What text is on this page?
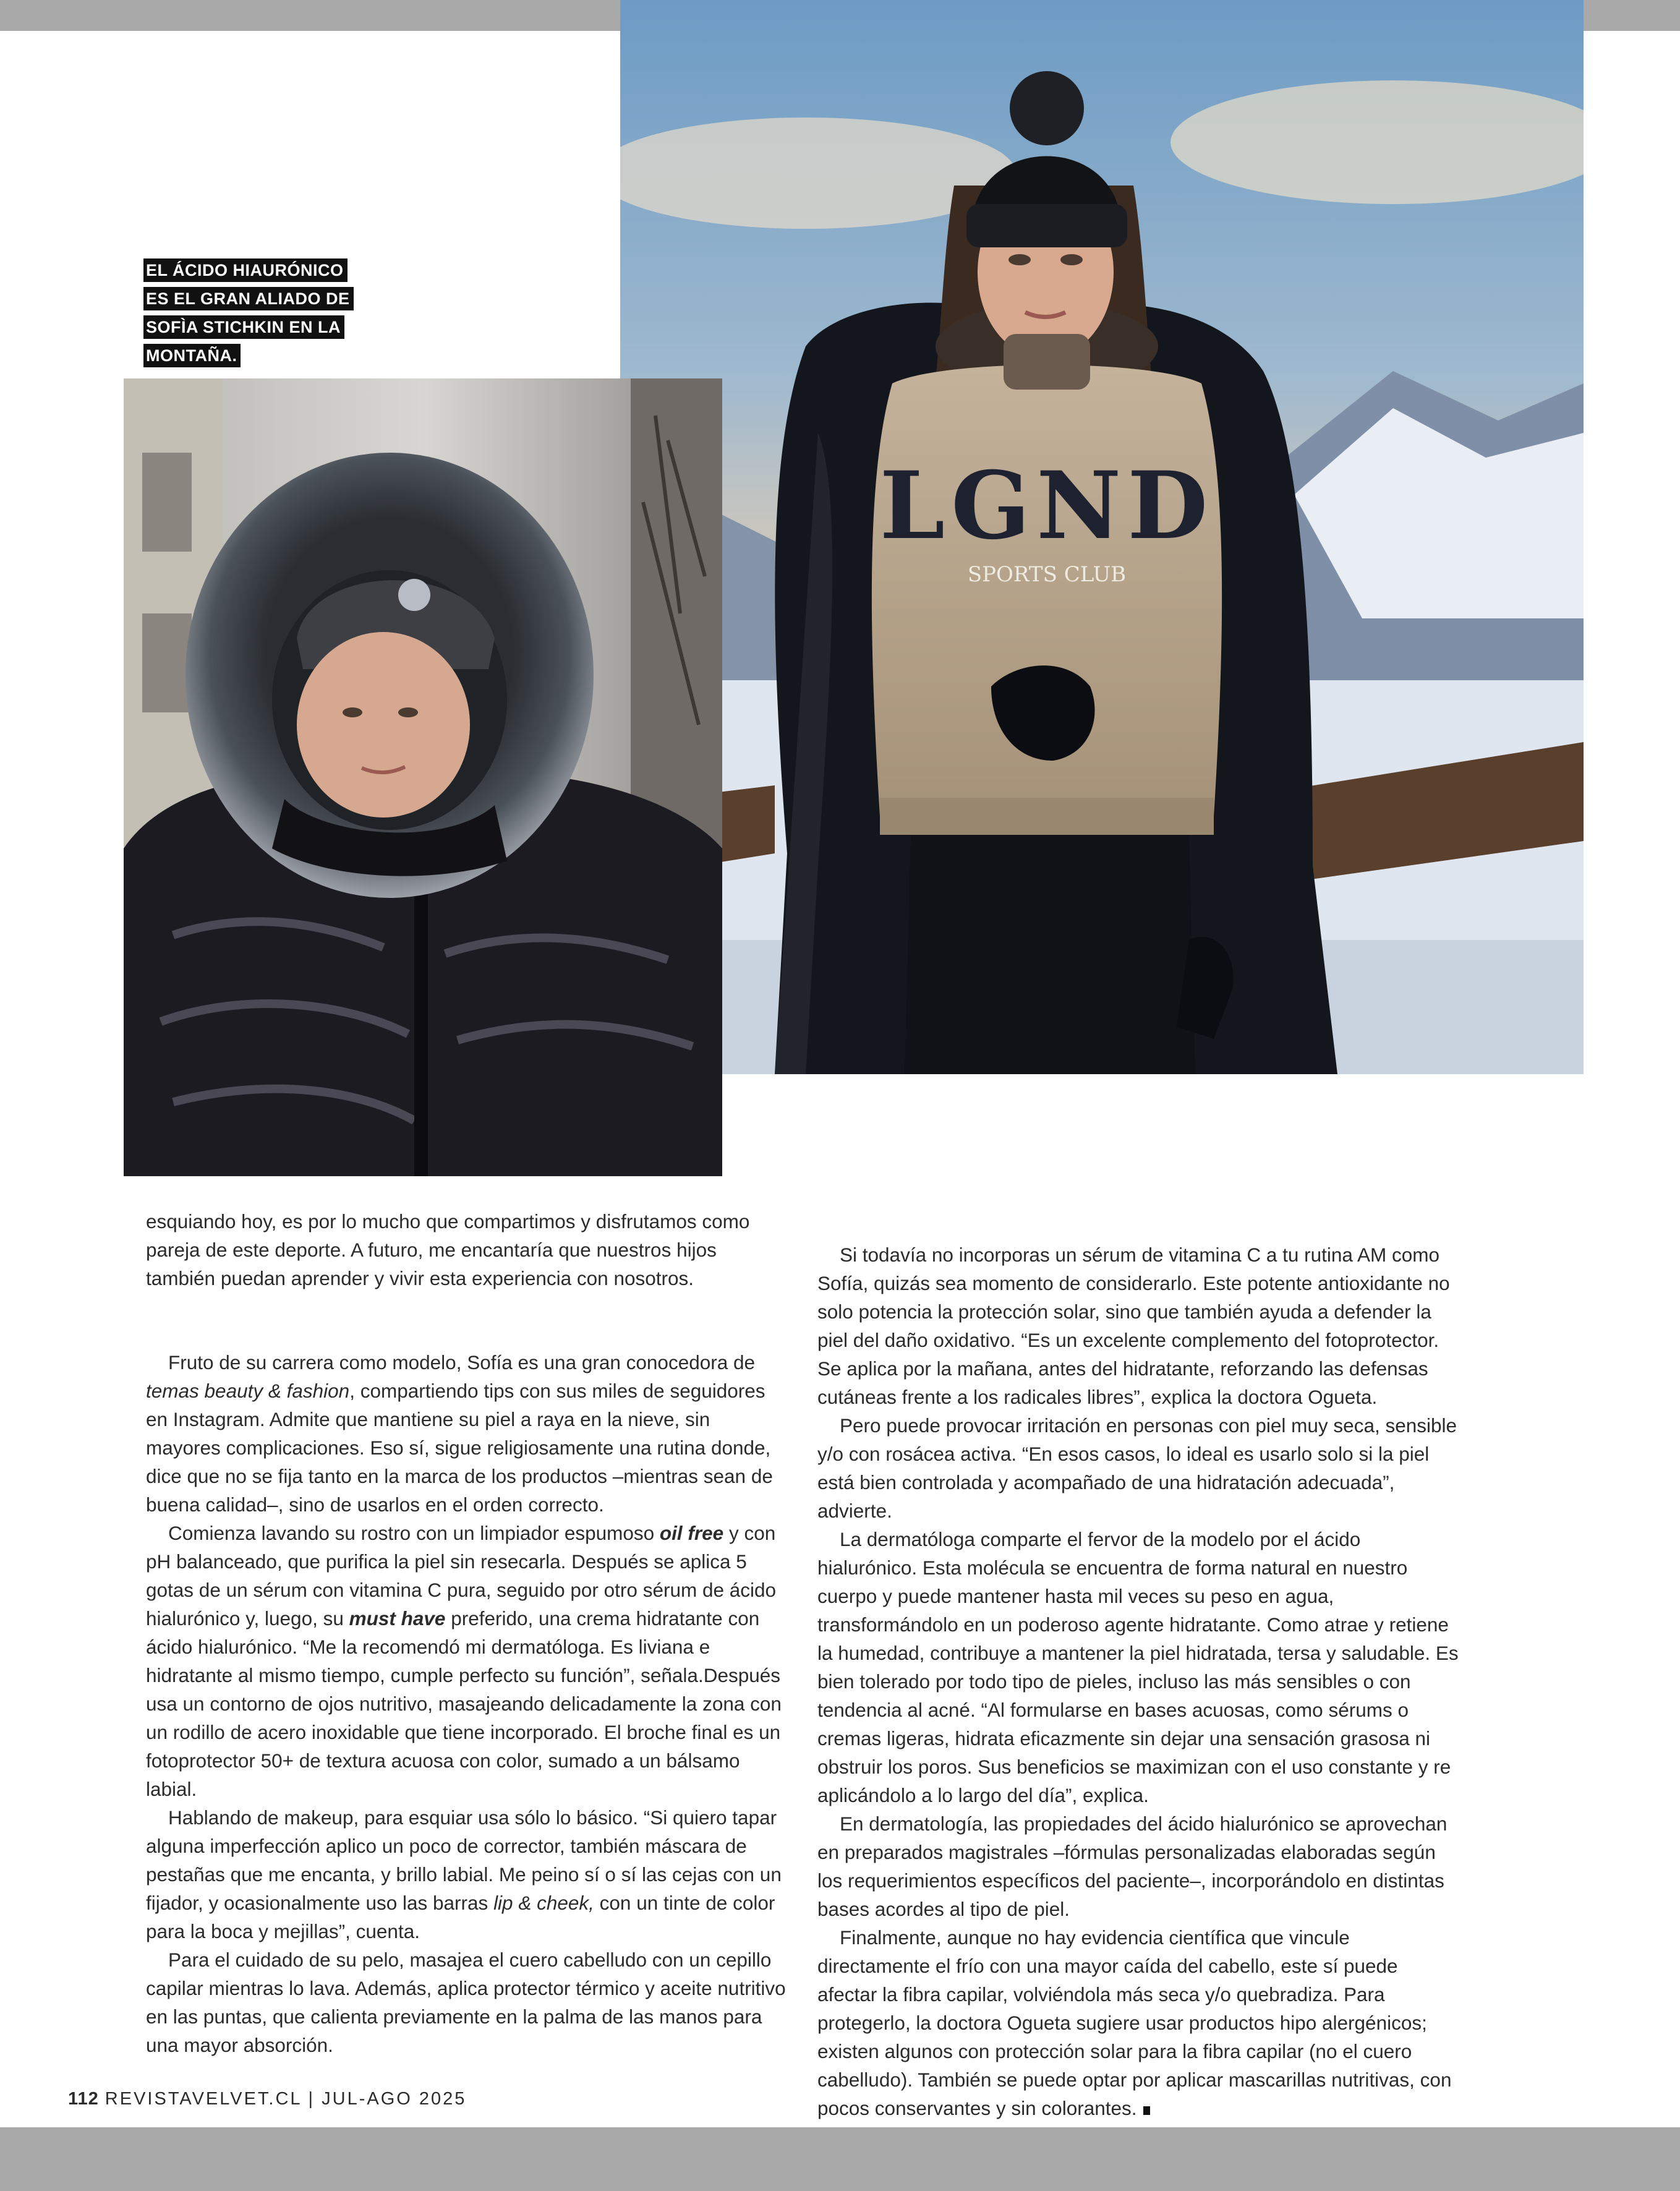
LGND
SPORTS CLUB
EL ÁCIDO HIAURÓNICO
ES EL GRAN ALIADO DE
SOFÌA STICHKIN EN LA
MONTAÑA.

esquiando hoy, es por lo mucho que compartimos y disfrutamos como pareja de este deporte. A futuro, me encantaría que nuestros hijos también puedan aprender y vivir esta experiencia con nosotros.

Fruto de su carrera como modelo, Sofía es una gran conocedora de temas beauty & fashion, compartiendo tips con sus miles de seguidores en Instagram. Admite que mantiene su piel a raya en la nieve, sin mayores complicaciones. Eso sí, sigue religiosamente una rutina donde, dice que no se fija tanto en la marca de los productos –mientras sean de buena calidad–, sino de usarlos en el orden correcto.

Comienza lavando su rostro con un limpiador espumoso oil free y con pH balanceado, que purifica la piel sin resecarla. Después se aplica 5 gotas de un sérum con vitamina C pura, seguido por otro sérum de ácido hialurónico y, luego, su must have preferido, una crema hidratante con ácido hialurónico. “Me la recomendó mi dermatóloga. Es liviana e hidratante al mismo tiempo, cumple perfecto su función”, señala.Después usa un contorno de ojos nutritivo, masajeando delicadamente la zona con un rodillo de acero inoxidable que tiene incorporado. El broche final es un fotoprotector 50+ de textura acuosa con color, sumado a un bálsamo labial.

Hablando de makeup, para esquiar usa sólo lo básico. “Si quiero tapar alguna imperfección aplico un poco de corrector, también máscara de pestañas que me encanta, y brillo labial. Me peino sí o sí las cejas con un fijador, y ocasionalmente uso las barras lip & cheek, con un tinte de color para la boca y mejillas”, cuenta.

Para el cuidado de su pelo, masajea el cuero cabelludo con un cepillo capilar mientras lo lava. Además, aplica protector térmico y aceite nutritivo en las puntas, que calienta previamente en la palma de las manos para una mayor absorción.

Si todavía no incorporas un sérum de vitamina C a tu rutina AM como Sofía, quizás sea momento de considerarlo. Este potente antioxidante no solo potencia la protección solar, sino que también ayuda a defender la piel del daño oxidativo. “Es un excelente complemento del fotoprotector. Se aplica por la mañana, antes del hidratante, reforzando las defensas cutáneas frente a los radicales libres”, explica la doctora Ogueta.

Pero puede provocar irritación en personas con piel muy seca, sensible y/o con rosácea activa. “En esos casos, lo ideal es usarlo solo si la piel está bien controlada y acompañado de una hidratación adecuada”, advierte.

La dermatóloga comparte el fervor de la modelo por el ácido hialurónico. Esta molécula se encuentra de forma natural en nuestro cuerpo y puede mantener hasta mil veces su peso en agua, transformándolo en un poderoso agente hidratante. Como atrae y retiene la humedad, contribuye a mantener la piel hidratada, tersa y saludable. Es bien tolerado por todo tipo de pieles, incluso las más sensibles o con tendencia al acné. “Al formularse en bases acuosas, como sérums o cremas ligeras, hidrata eficazmente sin dejar una sensación grasosa ni obstruir los poros. Sus beneficios se maximizan con el uso constante y re aplicándolo a lo largo del día”, explica.

En dermatología, las propiedades del ácido hialurónico se aprovechan en preparados magistrales –fórmulas personalizadas elaboradas según los requerimientos específicos del paciente–, incorporándolo en distintas bases acordes al tipo de piel.

Finalmente, aunque no hay evidencia científica que vincule directamente el frío con una mayor caída del cabello, este sí puede afectar la fibra capilar, volviéndola más seca y/o quebradiza. Para protegerlo, la doctora Ogueta sugiere usar productos hipo alergénicos; existen algunos con protección solar para la fibra capilar (no el cuero cabelludo). También se puede optar por aplicar mascarillas nutritivas, con pocos conservantes y sin colorantes.

112 REVISTAVELVET.CL | JUL-AGO 2025
